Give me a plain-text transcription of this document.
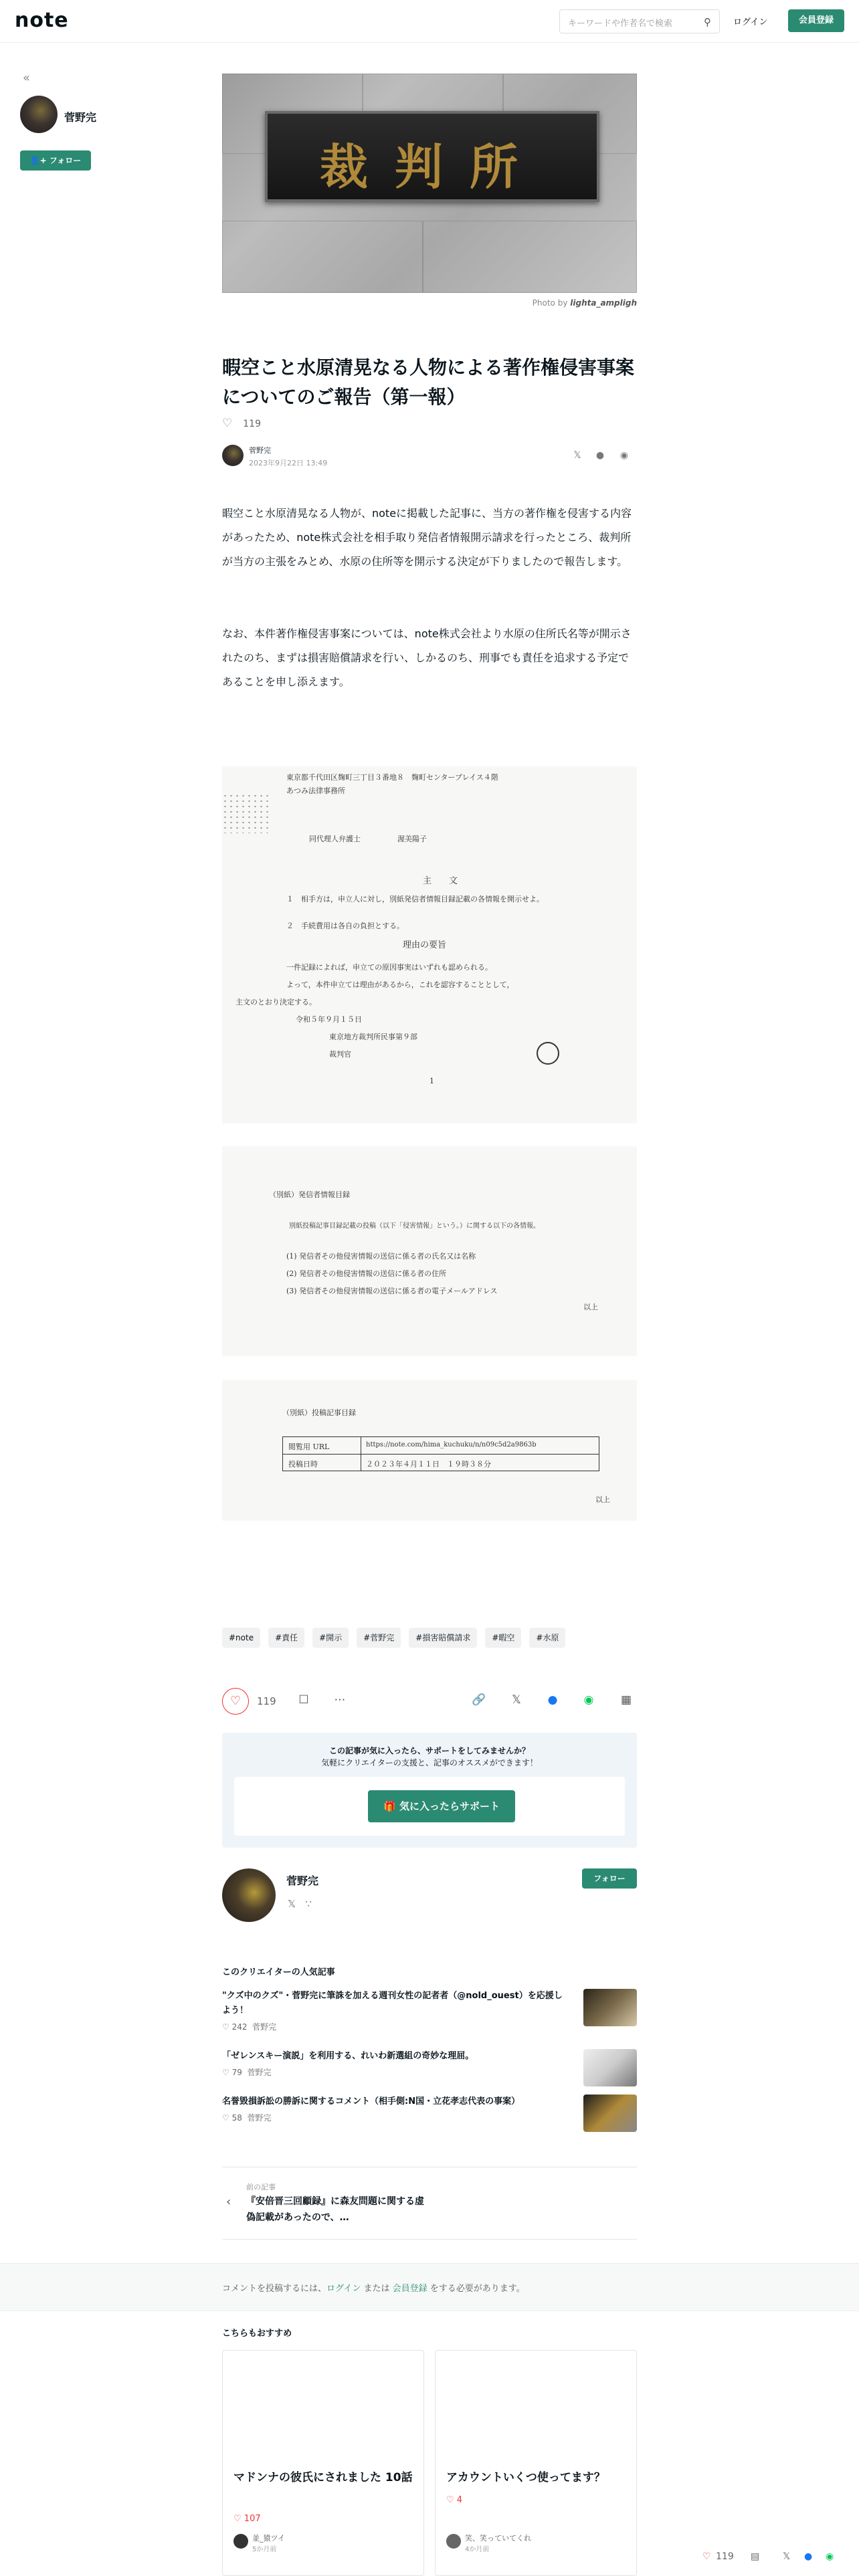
note	キーワードや作者名で検索	⚲	ログイン	会員登録
«
菅野完
👤+ フォロー	裁判所
Photo by lighta_ampligh
暇空こと水原清晃なる人物による著作権侵害事案についてのご報告（第一報）
♡ 119
菅野完
2023年9月22日 13:49
𝕏	●	◉

暇空こと水原清晃なる人物が、noteに掲載した記事に、当方の著作権を侵害する内容があったため、note株式会社を相手取り発信者情報開示請求を行ったところ、裁判所が当方の主張をみとめ、水原の住所等を開示する決定が下りましたので報告します。

なお、本件著作権侵害事案については、note株式会社より水原の住所氏名等が開示されたのち、まずは損害賠償請求を行い、しかるのち、刑事でも責任を追求する予定であることを申し添えます。

東京都千代田区麹町三丁目３番地８　麹町センタープレイス４階
あつみ法律事務所
同代理人弁護士　　　　　渥美陽子
主　　文
１　相手方は，申立人に対し，別紙発信者情報目録記載の各情報を開示せよ。
２　手続費用は各自の負担とする。
理由の要旨
一件記録によれば，申立ての原因事実はいずれも認められる。
よって，本件申立ては理由があるから，これを認容することとして，
主文のとおり決定する。
令和５年９月１５日
東京地方裁判所民事第９部
裁判官　　　　　
1
（別紙）発信者情報目録
別紙投稿記事目録記載の投稿（以下「侵害情報」という。）に関する以下の各情報。
(1) 発信者その他侵害情報の送信に係る者の氏名又は名称
(2) 発信者その他侵害情報の送信に係る者の住所
(3) 発信者その他侵害情報の送信に係る者の電子メールアドレス
以上
（別紙）投稿記事目録
閲覧用 URL	https://note.com/hima_kuchuku/n/n09c5d2a9863b
投稿日時	２０２３年４月１１日　１９時３８分
以上
#note	#責任	#開示	#菅野完	#損害賠償請求	#暇空	#水原
♡	119 ☐ ⋯	🔗	𝕏	● ◉ ▦
この記事が気に入ったら、サポートをしてみませんか？
気軽にクリエイターの支援と、記事のオススメができます！
🎁 気に入ったらサポート
菅野完
𝕏 ∵
フォロー
このクリエイターの人気記事
"クズ中のクズ"・菅野完に筆誅を加える週刊女性の記者者（@nold_ouest）を応援しよう！
♡ 242 菅野完
「ゼレンスキー演説」を利用する、れいわ新選組の奇妙な理屈。
♡ 79 菅野完
名誉毀損訴訟の勝訴に関するコメント（相手側:N国・立花孝志代表の事案）
♡ 58 菅野完
‹
前の記事
『安倍晋三回顧録』に森友問題に関する虚偽記載があったので、…
コメントを投稿するには、ログイン または 会員登録 をする必要があります。
こちらもおすすめ
マドンナの彼氏にされました 10話
♡ 107
並_猿ツイ
5か月前
アカウントいくつ使ってます？
♡ 4
笑、笑っていてくれ
4か月前
♡ 119 ▤ 𝕏 ● ◉
